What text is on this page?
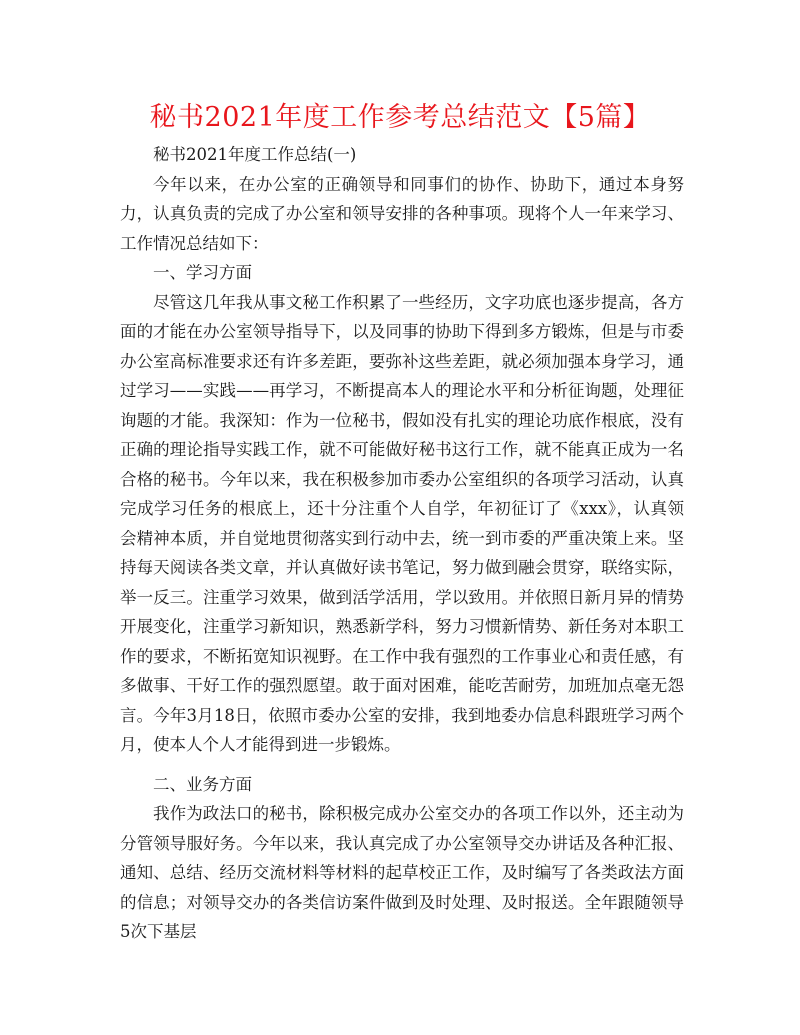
秘书2021年度工作参考总结范文【5篇】

秘书2021年度工作总结(一)

今年以来，在办公室的正确领导和同事们的协作、协助下，通过本身努力，认真负责的完成了办公室和领导安排的各种事项。现将个人一年来学习、工作情况总结如下：

一、学习方面

尽管这几年我从事文秘工作积累了一些经历，文字功底也逐步提高，各方面的才能在办公室领导指导下，以及同事的协助下得到多方锻炼，但是与市委办公室高标准要求还有许多差距，要弥补这些差距，就必须加强本身学习，通过学习——实践——再学习，不断提高本人的理论水平和分析征询题，处理征询题的才能。我深知：作为一位秘书，假如没有扎实的理论功底作根底，没有正确的理论指导实践工作，就不可能做好秘书这行工作，就不能真正成为一名合格的秘书。今年以来，我在积极参加市委办公室组织的各项学习活动，认真完成学习任务的根底上，还十分注重个人自学，年初征订了《xxx》，认真领会精神本质，并自觉地贯彻落实到行动中去，统一到市委的严重决策上来。坚持每天阅读各类文章，并认真做好读书笔记，努力做到融会贯穿，联络实际，举一反三。注重学习效果，做到活学活用，学以致用。并依照日新月异的情势开展变化，注重学习新知识，熟悉新学科，努力习惯新情势、新任务对本职工作的要求，不断拓宽知识视野。在工作中我有强烈的工作事业心和责任感，有多做事、干好工作的强烈愿望。敢于面对困难，能吃苦耐劳，加班加点毫无怨言。今年3月18日，依照市委办公室的安排，我到地委办信息科跟班学习两个月，使本人个人才能得到进一步锻炼。

二、业务方面

我作为政法口的秘书，除积极完成办公室交办的各项工作以外，还主动为分管领导服好务。今年以来，我认真完成了办公室领导交办讲话及各种汇报、通知、总结、经历交流材料等材料的起草校正工作，及时编写了各类政法方面的信息；对领导交办的各类信访案件做到及时处理、及时报送。全年跟随领导5次下基层
